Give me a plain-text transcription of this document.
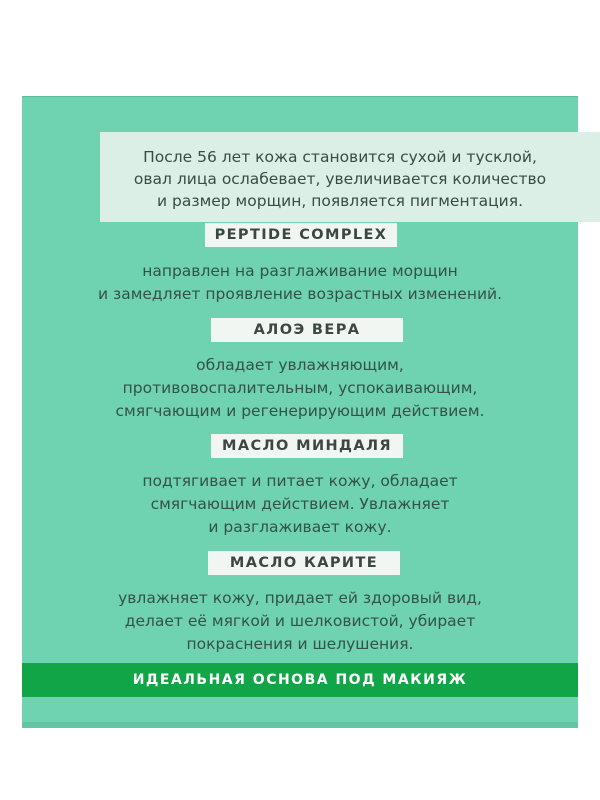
После 56 лет кожа становится сухой и тусклой,
овал лица ослабевает, увеличивается количество
и размер морщин, появляется пигментация.

PEPTIDE COMPLEX

направлен на разглаживание морщин
и замедляет проявление возрастных изменений.

АЛОЭ ВЕРА

обладает увлажняющим,
противовоспалительным, успокаивающим,
смягчающим и регенерирующим действием.

МАСЛО МИНДАЛЯ

подтягивает и питает кожу, обладает
смягчающим действием. Увлажняет
и разглаживает кожу.

МАСЛО КАРИТЕ

увлажняет кожу, придает ей здоровый вид,
делает её мягкой и шелковистой, убирает
покраснения и шелушения.

ИДЕАЛЬНАЯ ОСНОВА ПОД МАКИЯЖ
